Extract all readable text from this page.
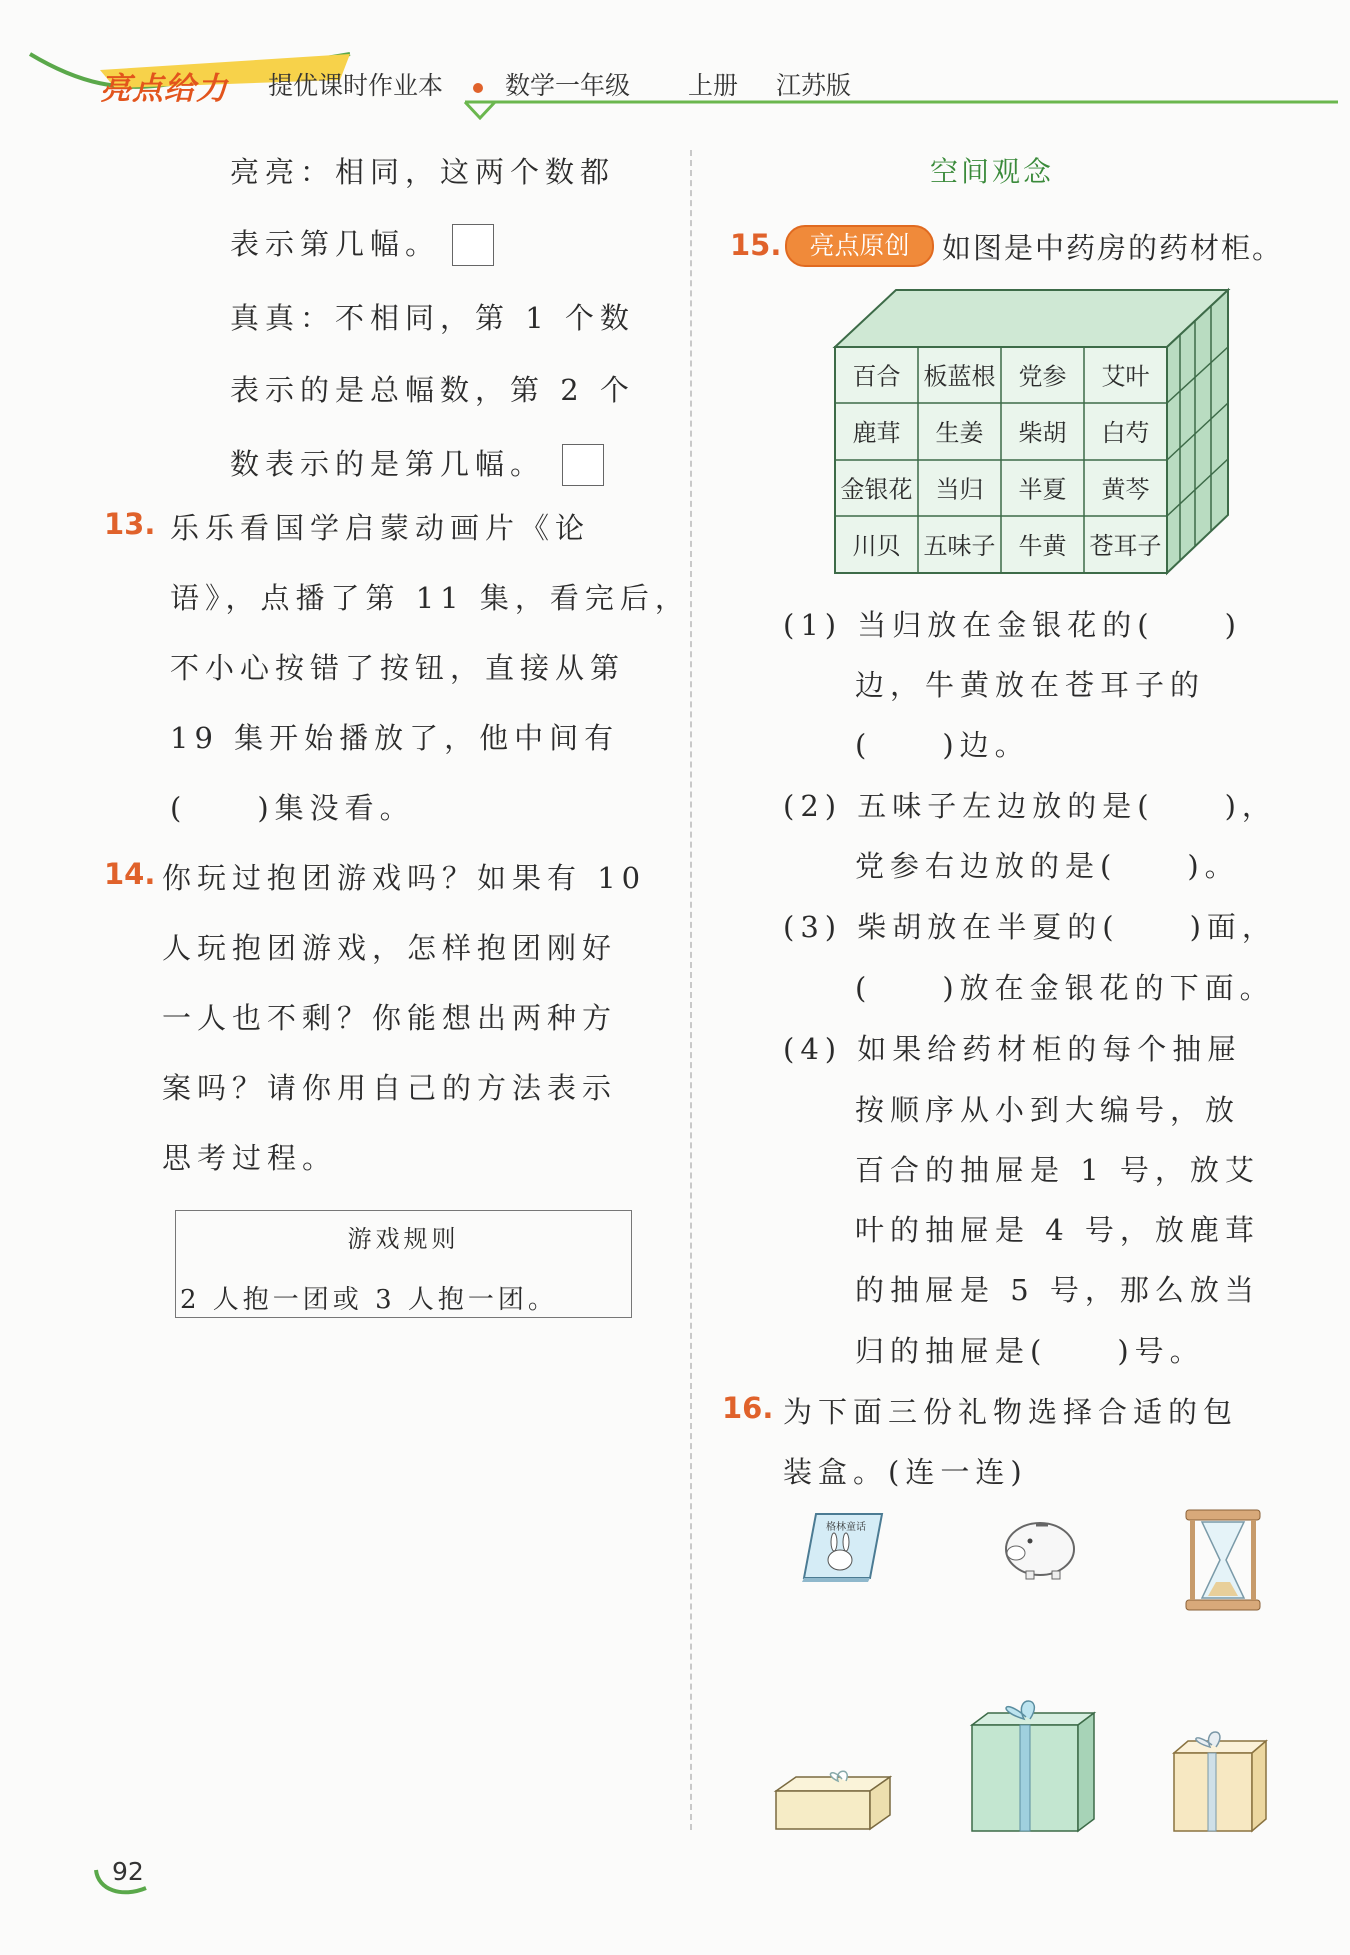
亮点给力 提优课时作业本 数学一年级 上册 江苏版
亮亮：相同，这两个数都
表示第几幅。
真真：不相同，第 1 个数
表示的是总幅数，第 2 个
数表示的是第几幅。
13. 乐乐看国学启蒙动画片《论
语》，点播了第 11 集，看完后，
不小心按错了按钮，直接从第
19 集开始播放了，他中间有
(　　)集没看。
14. 你玩过抱团游戏吗？如果有 10
人玩抱团游戏，怎样抱团刚好
一人也不剩？你能想出两种方
案吗？请你用自己的方法表示
思考过程。
游戏规则
2 人抱一团或 3 人抱一团。
空间观念
15.	亮点原创	如图是中药房的药材柜。
百合 板蓝根 党参 艾叶
鹿茸 生姜 柴胡 白芍
金银花 当归 半夏 黄芩
川贝 五味子 牛黄 苍耳子
(1) 当归放在金银花的(　　)
边，牛黄放在苍耳子的
(　　)边。
(2) 五味子左边放的是(　　)，
党参右边放的是(　　)。
(3) 柴胡放在半夏的(　　)面，
(　　)放在金银花的下面。
(4) 如果给药材柜的每个抽屉
按顺序从小到大编号，放
百合的抽屉是 1 号，放艾
叶的抽屉是 4 号，放鹿茸
的抽屉是 5 号，那么放当
归的抽屉是(　　)号。
16. 为下面三份礼物选择合适的包
装盒。(连一连)
格林童话
92
